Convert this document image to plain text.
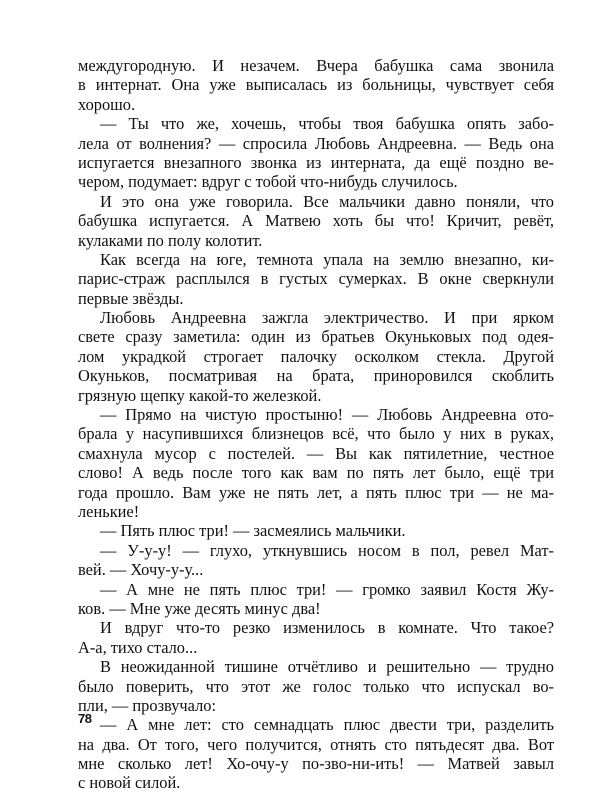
междугородную. И незачем. Вчера бабушка сама звонила
в интернат. Она уже выписалась из больницы, чувствует себя
хорошо.
— Ты что же, хочешь, чтобы твоя бабушка опять забо-
лела от волнения? — спросила Любовь Андреевна. — Ведь она
испугается внезапного звонка из интерната, да ещё поздно ве-
чером, подумает: вдруг с тобой что-нибудь случилось.
И это она уже говорила. Все мальчики давно поняли, что
бабушка испугается. А Матвею хоть бы что! Кричит, ревёт,
кулаками по полу колотит.
Как всегда на юге, темнота упала на землю внезапно, ки-
парис-страж расплылся в густых сумерках. В окне сверкнули
первые звёзды.
Любовь Андреевна зажгла электричество. И при ярком
свете сразу заметила: один из братьев Окуньковых под одея-
лом украдкой строгает палочку осколком стекла. Другой
Окуньков, посматривая на брата, приноровился скоблить
грязную щепку какой-то железкой.
— Прямо на чистую простыню! — Любовь Андреевна ото-
брала у насупившихся близнецов всё, что было у них в руках,
смахнула мусор с постелей. — Вы как пятилетние, честное
слово! А ведь после того как вам по пять лет было, ещё три
года прошло. Вам уже не пять лет, а пять плюс три — не ма-
ленькие!
— Пять плюс три! — засмеялись мальчики.
— У-у-у! — глухо, уткнувшись носом в пол, ревел Мат-
вей. — Хочу-у-у...
— А мне не пять плюс три! — громко заявил Костя Жу-
ков. — Мне уже десять минус два!
И вдруг что-то резко изменилось в комнате. Что такое?
А-а, тихо стало...
В неожиданной тишине отчётливо и решительно — трудно
было поверить, что этот же голос только что испускал во-
пли, — прозвучало:
— А мне лет: сто семнадцать плюс двести три, разделить
на два. От того, чего получится, отнять сто пятьдесят два. Вот
мне сколько лет! Хо-очу-у по-зво-ни-ить! — Матвей завыл
с новой силой.
78
